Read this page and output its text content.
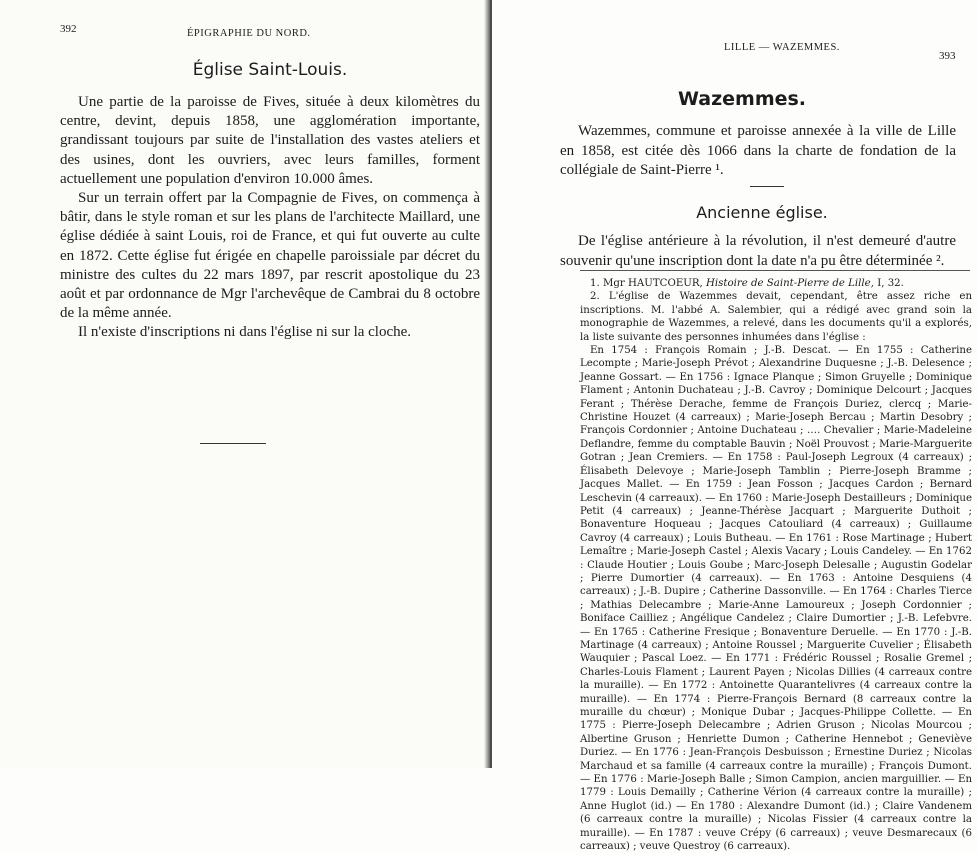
392	ÉPIGRAPHIE DU NORD.
Église Saint-Louis.

Une partie de la paroisse de Fives, située à deux kilomètres du centre, devint, depuis 1858, une agglomération importante, grandissant toujours par suite de l'installation des vastes ateliers et des usines, dont les ouvriers, avec leurs familles, forment actuellement une population d'environ 10.000 âmes.

Sur un terrain offert par la Compagnie de Fives, on commença à bâtir, dans le style roman et sur les plans de l'architecte Maillard, une église dédiée à saint Louis, roi de France, et qui fut ouverte au culte en 1872. Cette église fut érigée en chapelle paroissiale par décret du ministre des cultes du 22 mars 1897, par rescrit apostolique du 23 août et par ordonnance de Mgr l'archevêque de Cambrai du 8 octobre de la même année.

Il n'existe d'inscriptions ni dans l'église ni sur la cloche.

LILLE — WAZEMMES.
393
Wazemmes.
Ancienne église.

Wazemmes, commune et paroisse annexée à la ville de Lille en 1858, est citée dès 1066 dans la charte de fondation de la collégiale de Saint-Pierre ¹.

De l'église antérieure à la révolution, il n'est demeuré d'autre souvenir qu'une inscription dont la date n'a pu être déterminée ².

1. Mgr HAUTCOEUR, Histoire de Saint-Pierre de Lille, I, 32.

2. L'église de Wazemmes devait, cependant, être assez riche en inscriptions. M. l'abbé A. Salembier, qui a rédigé avec grand soin la monographie de Wazemmes, a relevé, dans les documents qu'il a explorés, la liste suivante des personnes inhumées dans l'église :

En 1754 : François Romain ; J.-B. Descat. — En 1755 : Catherine Lecompte ; Marie-Joseph Prévot ; Alexandrine Duquesne ; J.-B. Delesence ; Jeanne Gossart. — En 1756 : Ignace Planque ; Simon Gruyelle ; Dominique Flament ; Antonin Duchateau ; J.-B. Cavroy ; Dominique Delcourt ; Jacques Ferant ; Thérèse Derache, femme de François Duriez, clercq ; Marie-Christine Houzet (4 carreaux) ; Marie-Joseph Bercau ; Martin Desobry ; François Cordonnier ; Antoine Duchateau ; …. Chevalier ; Marie-Madeleine Deflandre, femme du comptable Bauvin ; Noël Prouvost ; Marie-Marguerite Gotran ; Jean Cremiers. — En 1758 : Paul-Joseph Legroux (4 carreaux) ; Élisabeth Delevoye ; Marie-Joseph Tamblin ; Pierre-Joseph Bramme ; Jacques Mallet. — En 1759 : Jean Fosson ; Jacques Cardon ; Bernard Leschevin (4 carreaux). — En 1760 : Marie-Joseph Destailleurs ; Dominique Petit (4 carreaux) ; Jeanne-Thérèse Jacquart ; Marguerite Duthoit ; Bonaventure Hoqueau ; Jacques Catouliard (4 carreaux) ; Guillaume Cavroy (4 carreaux) ; Louis Butheau. — En 1761 : Rose Martinage ; Hubert Lemaître ; Marie-Joseph Castel ; Alexis Vacary ; Louis Candeley. — En 1762 : Claude Houtier ; Louis Goube ; Marc-Joseph Delesalle ; Augustin Godelar ; Pierre Dumortier (4 carreaux). — En 1763 : Antoine Desquiens (4 carreaux) ; J.-B. Dupire ; Catherine Dassonville. — En 1764 : Charles Tierce ; Mathias Delecambre ; Marie-Anne Lamoureux ; Joseph Cordonnier ; Boniface Cailliez ; Angélique Candelez ; Claire Dumortier ; J.-B. Lefebvre. — En 1765 : Catherine Fresique ; Bonaventure Deruelle. — En 1770 : J.-B. Martinage (4 carreaux) ; Antoine Roussel ; Marguerite Cuvelier ; Élisabeth Wauquier ; Pascal Loez. — En 1771 : Frédéric Roussel ; Rosalie Gremel ; Charles-Louis Flament ; Laurent Payen ; Nicolas Dillies (4 carreaux contre la muraille). — En 1772 : Antoinette Quarantelivres (4 carreaux contre la muraille). — En 1774 : Pierre-François Bernard (8 carreaux contre la muraille du chœur) ; Monique Dubar ; Jacques-Philippe Collette. — En 1775 : Pierre-Joseph Delecambre ; Adrien Gruson ; Nicolas Mourcou ; Albertine Gruson ; Henriette Dumon ; Catherine Hennebot ; Geneviève Duriez. — En 1776 : Jean-François Desbuisson ; Ernestine Duriez ; Nicolas Marchaud et sa famille (4 carreaux contre la muraille) ; François Dumont. — En 1776 : Marie-Joseph Balle ; Simon Campion, ancien marguillier. — En 1779 : Louis Demailly ; Catherine Vérion (4 carreaux contre la muraille) ; Anne Huglot (id.) — En 1780 : Alexandre Dumont (id.) ; Claire Vandenem (6 carreaux contre la muraille) ; Nicolas Fissier (4 carreaux contre la muraille). — En 1787 : veuve Crépy (6 carreaux) ; veuve Desmarecaux (6 carreaux) ; veuve Questroy (6 carreaux).
